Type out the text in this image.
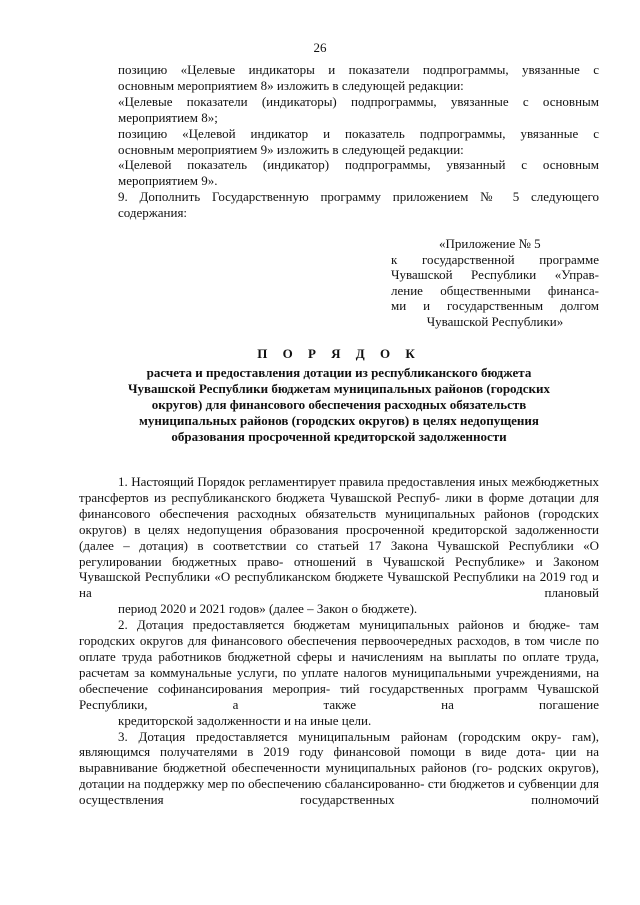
26
позицию «Целевые индикаторы и показатели подпрограммы, увязанные с
основным мероприятием 8» изложить в следующей редакции:
«Целевые показатели (индикаторы) подпрограммы, увязанные с основным
мероприятием 8»;
позицию «Целевой индикатор и показатель подпрограммы, увязанные с
основным мероприятием 9» изложить в следующей редакции:
«Целевой показатель (индикатор) подпрограммы, увязанный с основным
мероприятием 9».
9. Дополнить Государственную программу приложением № 5 следующего
содержания:
«Приложение № 5
к государственной программе
Чувашской Республики «Управ-
ление общественными финанса-
ми и государственным долгом
Чувашской Республики»
П О Р Я Д О К
расчета и предоставления дотации из республиканского бюджета
Чувашской Республики бюджетам муниципальных районов (городских
округов) для финансового обеспечения расходных обязательств
муниципальных районов (городских округов) в целях недопущения
образования просроченной кредиторской задолженности
1. Настоящий Порядок регламентирует правила предоставления иных межбюджетных трансфертов из республиканского бюджета Чувашской Респуб- лики в форме дотации для финансового обеспечения расходных обязательств муниципальных районов (городских округов) в целях недопущения образования просроченной кредиторской задолженности (далее – дотация) в соответствии со статьей 17 Закона Чувашской Республики «О регулировании бюджетных право- отношений в Чувашской Республике» и Законом Чувашской Республики «О республиканском бюджете Чувашской Республики на 2019 год и на плановый
период 2020 и 2021 годов» (далее – Закон о бюджете).
2. Дотация предоставляется бюджетам муниципальных районов и бюдже- там городских округов для финансового обеспечения первоочередных расходов, в том числе по оплате труда работников бюджетной сферы и начислениям на выплаты по оплате труда, расчетам за коммунальные услуги, по уплате налогов муниципальными учреждениями, на обеспечение софинансирования мероприя- тий государственных программ Чувашской Республики, а также на погашение
кредиторской задолженности и на иные цели.
3. Дотация предоставляется муниципальным районам (городским окру- гам), являющимся получателями в 2019 году финансовой помощи в виде дота- ции на выравнивание бюджетной обеспеченности муниципальных районов (го- родских округов), дотации на поддержку мер по обеспечению сбалансированно- сти бюджетов и субвенции для осуществления государственных полномочий
